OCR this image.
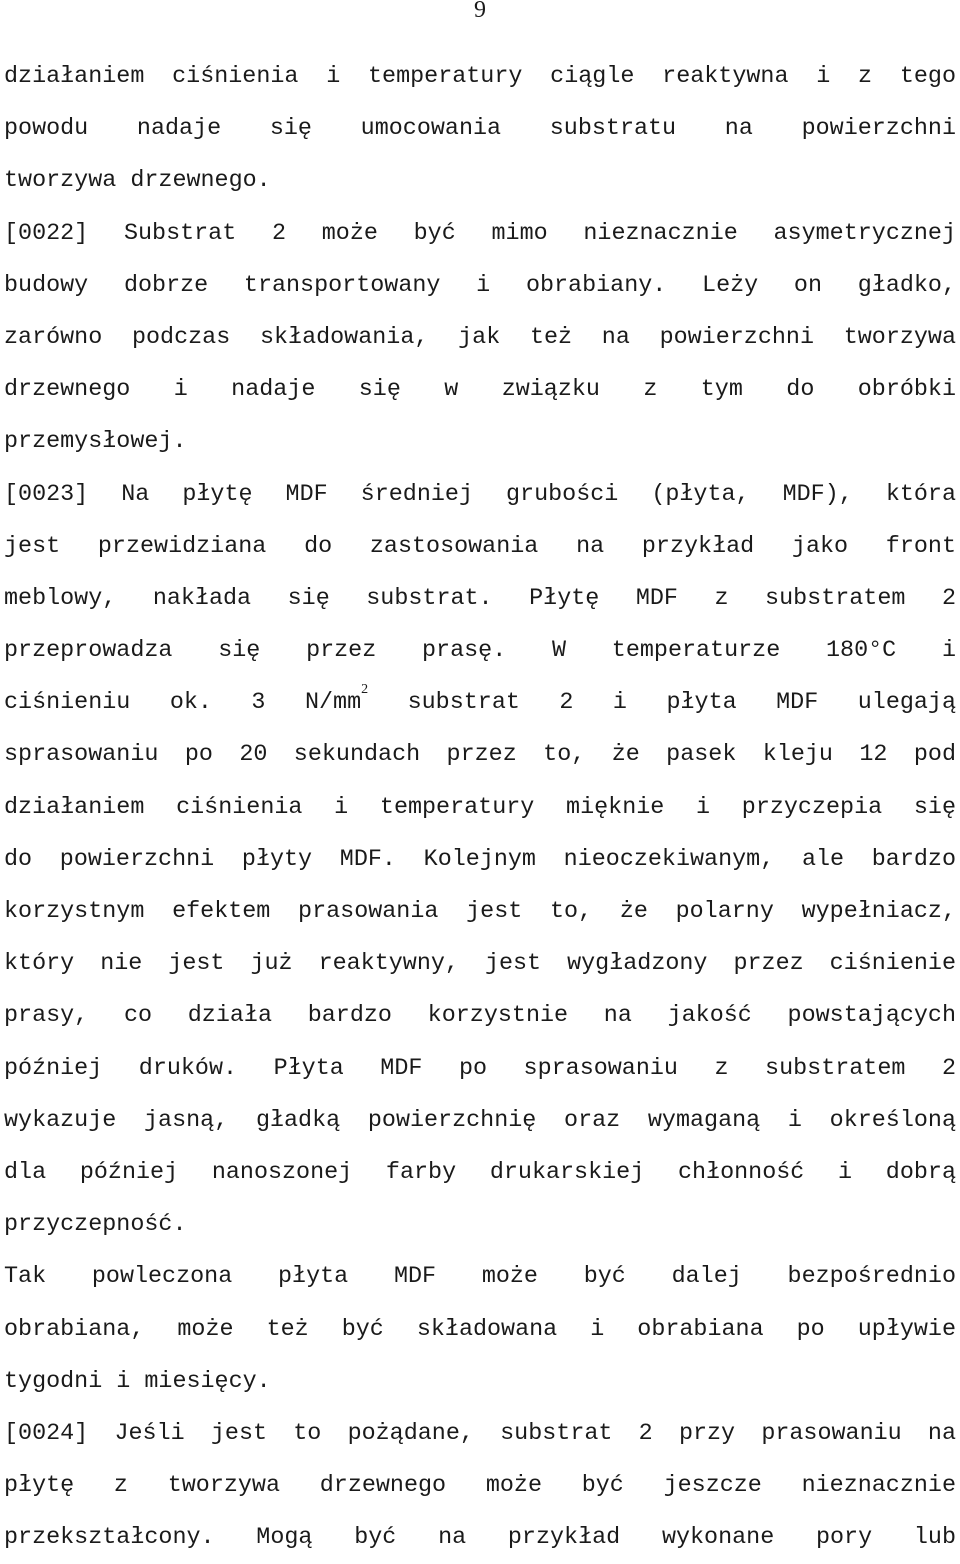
9
działaniem ciśnienia i temperatury ciągle reaktywna i z tego
powodu nadaje się umocowania substratu na powierzchni
tworzywa drzewnego.
[0022] Substrat 2 może być mimo nieznacznie asymetrycznej
budowy dobrze transportowany i obrabiany. Leży on gładko,
zarówno podczas składowania, jak też na powierzchni tworzywa
drzewnego i nadaje się w związku z tym do obróbki
przemysłowej.
[0023] Na płytę MDF średniej grubości (płyta, MDF), która
jest przewidziana do zastosowania na przykład jako front
meblowy, nakłada się substrat. Płytę MDF z substratem 2
przeprowadza się przez prasę. W temperaturze 180°C i
ciśnieniu ok. 3 $N/mm^2$ substrat 2 i płyta MDF ulegają
sprasowaniu po 20 sekundach przez to, że pasek kleju 12 pod
działaniem ciśnienia i temperatury mięknie i przyczepia się
do powierzchni płyty MDF. Kolejnym nieoczekiwanym, ale bardzo
korzystnym efektem prasowania jest to, że polarny wypełniacz,
który nie jest już reaktywny, jest wygładzony przez ciśnienie
prasy, co działa bardzo korzystnie na jakość powstających
później druków. Płyta MDF po sprasowaniu z substratem 2
wykazuje jasną, gładką powierzchnię oraz wymaganą i określoną
dla później nanoszonej farby drukarskiej chłonność i dobrą
przyczepność.
Tak powleczona płyta MDF może być dalej bezpośrednio
obrabiana, może też być składowana i obrabiana po upływie
tygodni i miesięcy.
[0024] Jeśli jest to pożądane, substrat 2 przy prasowaniu na
płytę z tworzywa drzewnego może być jeszcze nieznacznie
przekształcony. Mogą być na przykład wykonane pory lub
